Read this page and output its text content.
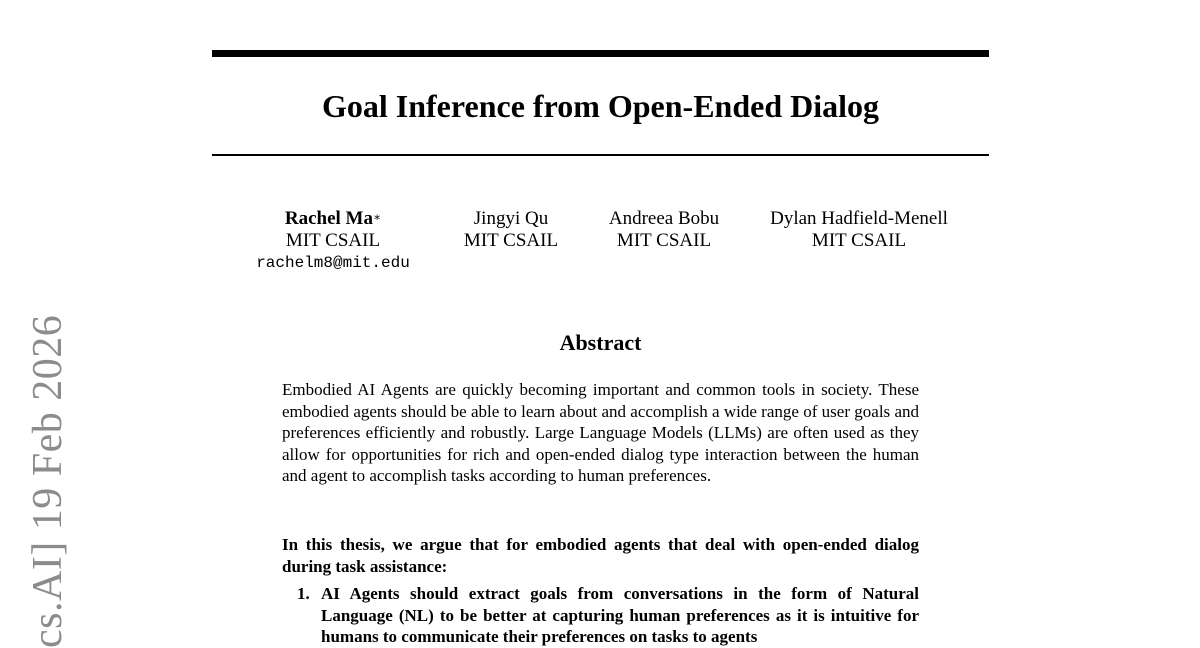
Goal Inference from Open-Ended Dialog
Rachel Ma∗
MIT CSAIL
rachelm8@mit.edu
Jingyi Qu
MIT CSAIL
Andreea Bobu
MIT CSAIL
Dylan Hadfield-Menell
MIT CSAIL
Abstract

Embodied AI Agents are quickly becoming important and common tools in society. These embodied agents should be able to learn about and accomplish a wide range of user goals and preferences efficiently and robustly. Large Language Models (LLMs) are often used as they allow for opportunities for rich and open-ended dialog type interaction between the human and agent to accomplish tasks according to human preferences.

In this thesis, we argue that for embodied agents that deal with open-ended dialog during task assistance:

1. AI Agents should extract goals from conversations in the form of Natural Language (NL) to be better at capturing human preferences as it is intuitive for humans to communicate their preferences on tasks to agents
cs.AI] 19 Feb 2026
